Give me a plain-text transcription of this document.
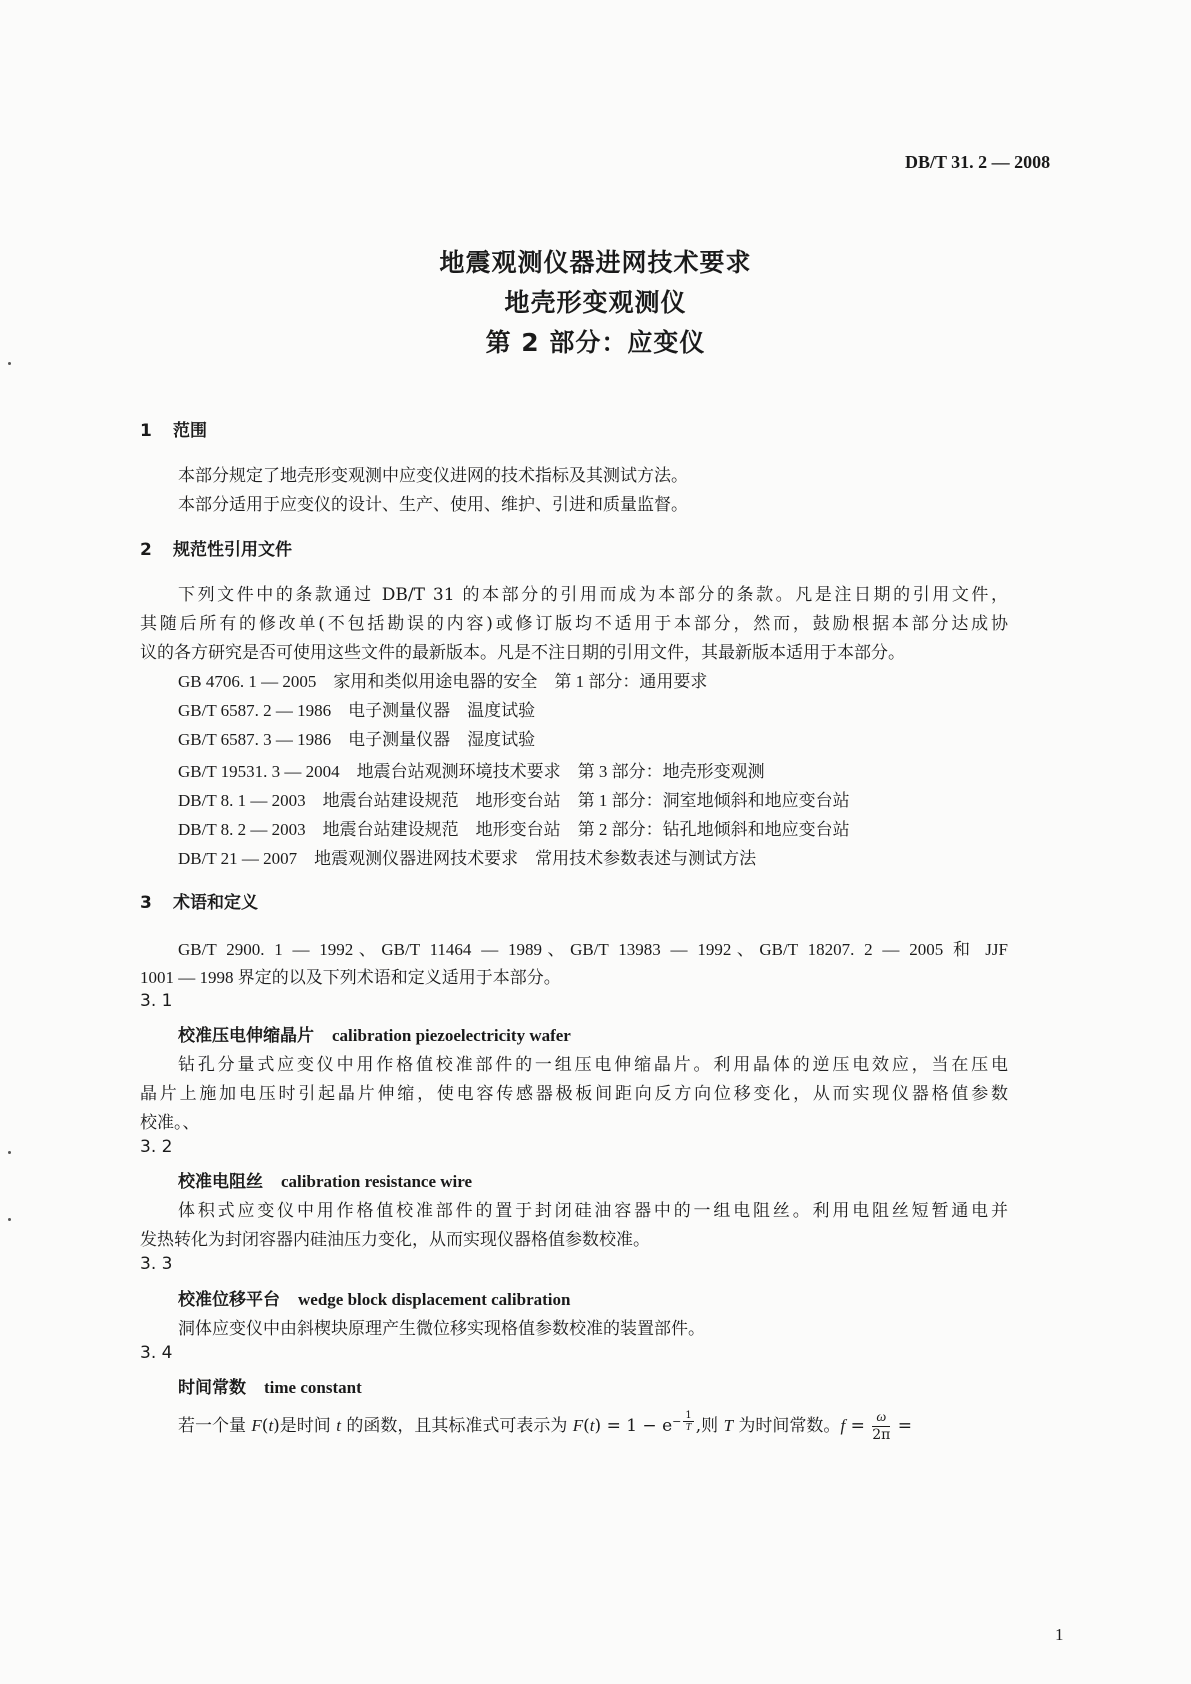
DB/T 31. 2 — 2008
地震观测仪器进网技术要求
地壳形变观测仪
第 2 部分：应变仪
1 范围
本部分规定了地壳形变观测中应变仪进网的技术指标及其测试方法。
本部分适用于应变仪的设计、生产、使用、维护、引进和质量监督。
2 规范性引用文件
下列文件中的条款通过 DB/T 31 的本部分的引用而成为本部分的条款。凡是注日期的引用文件，
其随后所有的修改单(不包括勘误的内容)或修订版均不适用于本部分，然而，鼓励根据本部分达成协
议的各方研究是否可使用这些文件的最新版本。凡是不注日期的引用文件，其最新版本适用于本部分。
GB 4706. 1 — 2005　家用和类似用途电器的安全　第 1 部分：通用要求
GB/T 6587. 2 — 1986　电子测量仪器　温度试验
GB/T 6587. 3 — 1986　电子测量仪器　湿度试验
GB/T 19531. 3 — 2004　地震台站观测环境技术要求　第 3 部分：地壳形变观测
DB/T 8. 1 — 2003　地震台站建设规范　地形变台站　第 1 部分：洞室地倾斜和地应变台站
DB/T 8. 2 — 2003　地震台站建设规范　地形变台站　第 2 部分：钻孔地倾斜和地应变台站
DB/T 21 — 2007　地震观测仪器进网技术要求　常用技术参数表述与测试方法
3 术语和定义
GB/T 2900. 1 — 1992、GB/T 11464 — 1989、GB/T 13983 — 1992、GB/T 18207. 2 — 2005 和 JJF
1001 — 1998 界定的以及下列术语和定义适用于本部分。
3. 1
校准压电伸缩晶片 calibration piezoelectricity wafer
钻孔分量式应变仪中用作格值校准部件的一组压电伸缩晶片。利用晶体的逆压电效应，当在压电
晶片上施加电压时引起晶片伸缩，使电容传感器极板间距向反方向位移变化，从而实现仪器格值参数
校准。、
3. 2
校准电阻丝 calibration resistance wire
体积式应变仪中用作格值校准部件的置于封闭硅油容器中的一组电阻丝。利用电阻丝短暂通电并
发热转化为封闭容器内硅油压力变化，从而实现仪器格值参数校准。
3. 3
校准位移平台 wedge block displacement calibration
洞体应变仪中由斜楔块原理产生微位移实现格值参数校准的装置部件。
3. 4
时间常数 time constant
若一个量 F(t)是时间 t 的函数，且其标准式可表示为 $F(t) = 1 - e^{- \frac{1}{T}}$ ,则 T 为时间常数。$f = \frac{\omega}{2\pi}$ =
1
